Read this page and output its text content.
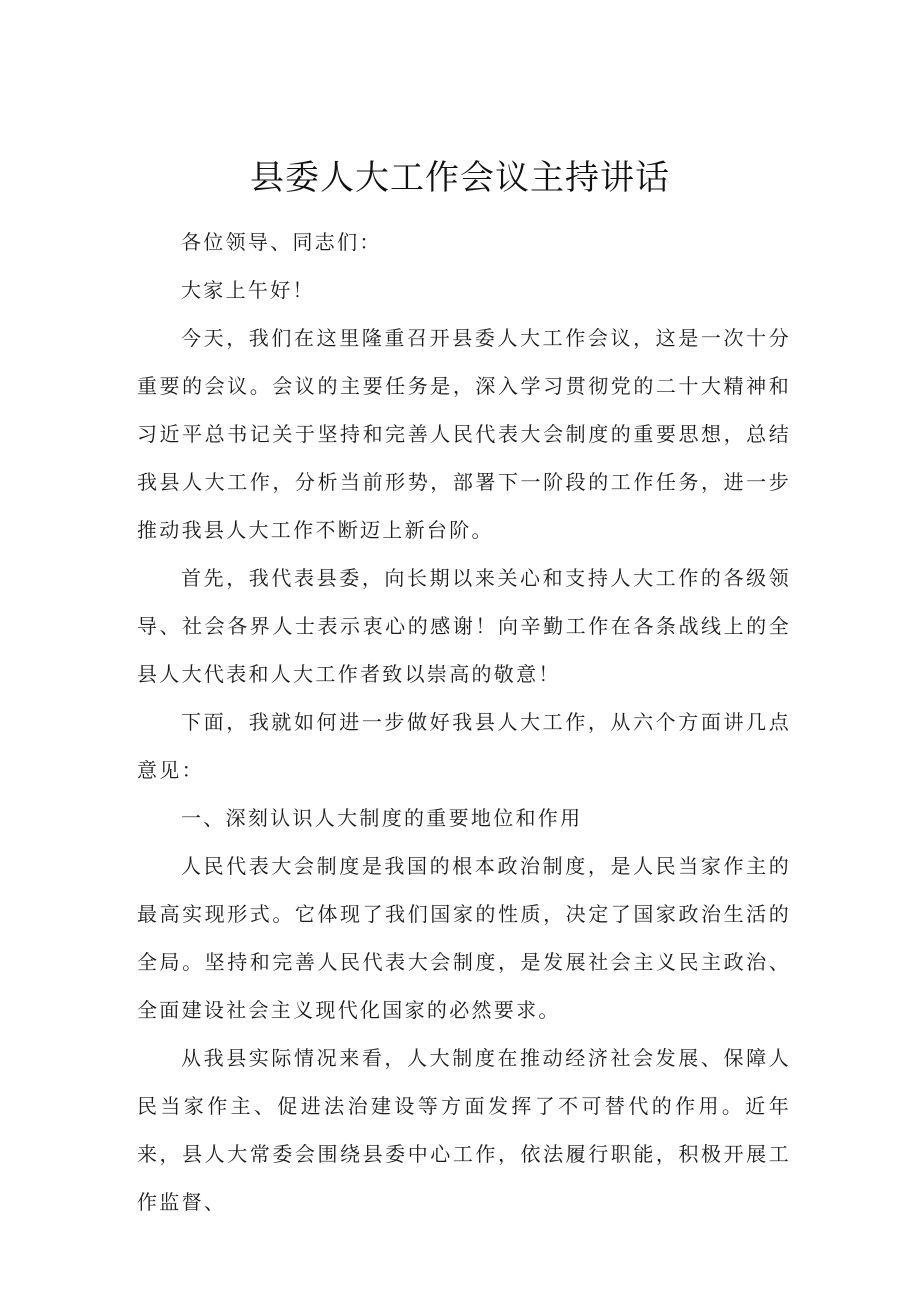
县委人大工作会议主持讲话

各位领导、同志们：

大家上午好！

今天，我们在这里隆重召开县委人大工作会议，这是一次十分重要的会议。会议的主要任务是，深入学习贯彻党的二十大精神和习近平总书记关于坚持和完善人民代表大会制度的重要思想，总结我县人大工作，分析当前形势，部署下一阶段的工作任务，进一步推动我县人大工作不断迈上新台阶。

首先，我代表县委，向长期以来关心和支持人大工作的各级领导、社会各界人士表示衷心的感谢！向辛勤工作在各条战线上的全县人大代表和人大工作者致以崇高的敬意！

下面，我就如何进一步做好我县人大工作，从六个方面讲几点意见：

一、深刻认识人大制度的重要地位和作用

人民代表大会制度是我国的根本政治制度，是人民当家作主的最高实现形式。它体现了我们国家的性质，决定了国家政治生活的全局。坚持和完善人民代表大会制度，是发展社会主义民主政治、全面建设社会主义现代化国家的必然要求。

从我县实际情况来看，人大制度在推动经济社会发展、保障人民当家作主、促进法治建设等方面发挥了不可替代的作用。近年来，县人大常委会围绕县委中心工作，依法履行职能，积极开展工作监督、
